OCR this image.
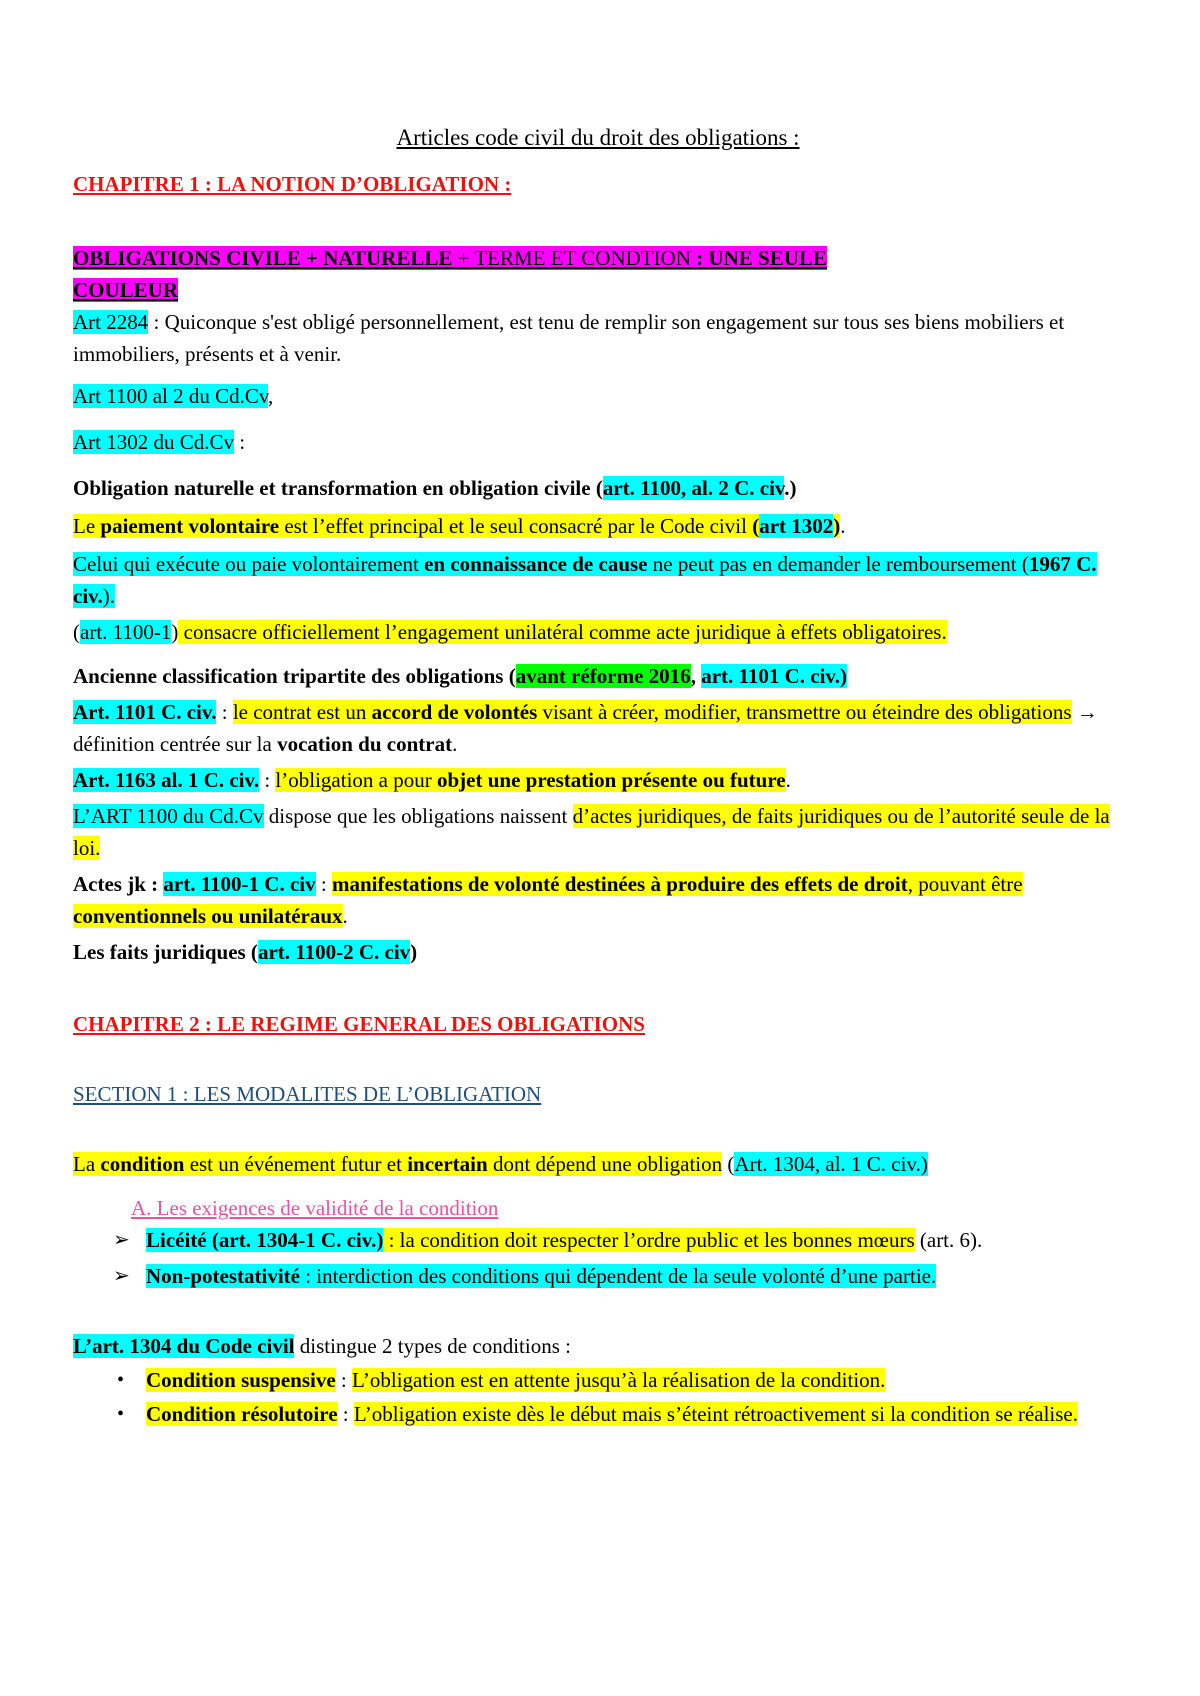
Articles code civil du droit des obligations :

CHAPITRE 1 : LA NOTION D’OBLIGATION :

OBLIGATIONS CIVILE + NATURELLE + TERME ET CONDTION : UNE SEULE
COULEUR

Art 2284 : Quiconque s'est obligé personnellement, est tenu de remplir son engagement sur tous ses biens mobiliers et immobiliers, présents et à venir.

Art 1100 al 2 du Cd.Cv,

Art 1302 du Cd.Cv :

Obligation naturelle et transformation en obligation civile (art. 1100, al. 2 C. civ.)

Le paiement volontaire est l’effet principal et le seul consacré par le Code civil (art 1302).

Celui qui exécute ou paie volontairement en connaissance de cause ne peut pas en demander le remboursement (1967 C. civ.).

(art. 1100-1) consacre officiellement l’engagement unilatéral comme acte juridique à effets obligatoires.

Ancienne classification tripartite des obligations (avant réforme 2016, art. 1101 C. civ.)

Art. 1101 C. civ. : le contrat est un accord de volontés visant à créer, modifier, transmettre ou éteindre des obligations → définition centrée sur la vocation du contrat.

Art. 1163 al. 1 C. civ. : l’obligation a pour objet une prestation présente ou future.

L’ART 1100 du Cd.Cv dispose que les obligations naissent d’actes juridiques, de faits juridiques ou de l’autorité seule de la loi.

Actes jk : art. 1100-1 C. civ : manifestations de volonté destinées à produire des effets de droit, pouvant être conventionnels ou unilatéraux.

Les faits juridiques (art. 1100-2 C. civ)

CHAPITRE 2 : LE REGIME GENERAL DES OBLIGATIONS

SECTION 1 : LES MODALITES DE L’OBLIGATION

La condition est un événement futur et incertain dont dépend une obligation (Art. 1304, al. 1 C. civ.)

A. Les exigences de validité de la condition

➢ Licéité (art. 1304-1 C. civ.) : la condition doit respecter l’ordre public et les bonnes mœurs (art. 6).
➢ Non-potestativité : interdiction des conditions qui dépendent de la seule volonté d’une partie.

L’art. 1304 du Code civil distingue 2 types de conditions :

• Condition suspensive : L’obligation est en attente jusqu’à la réalisation de la condition.
• Condition résolutoire : L’obligation existe dès le début mais s’éteint rétroactivement si la condition se réalise.
